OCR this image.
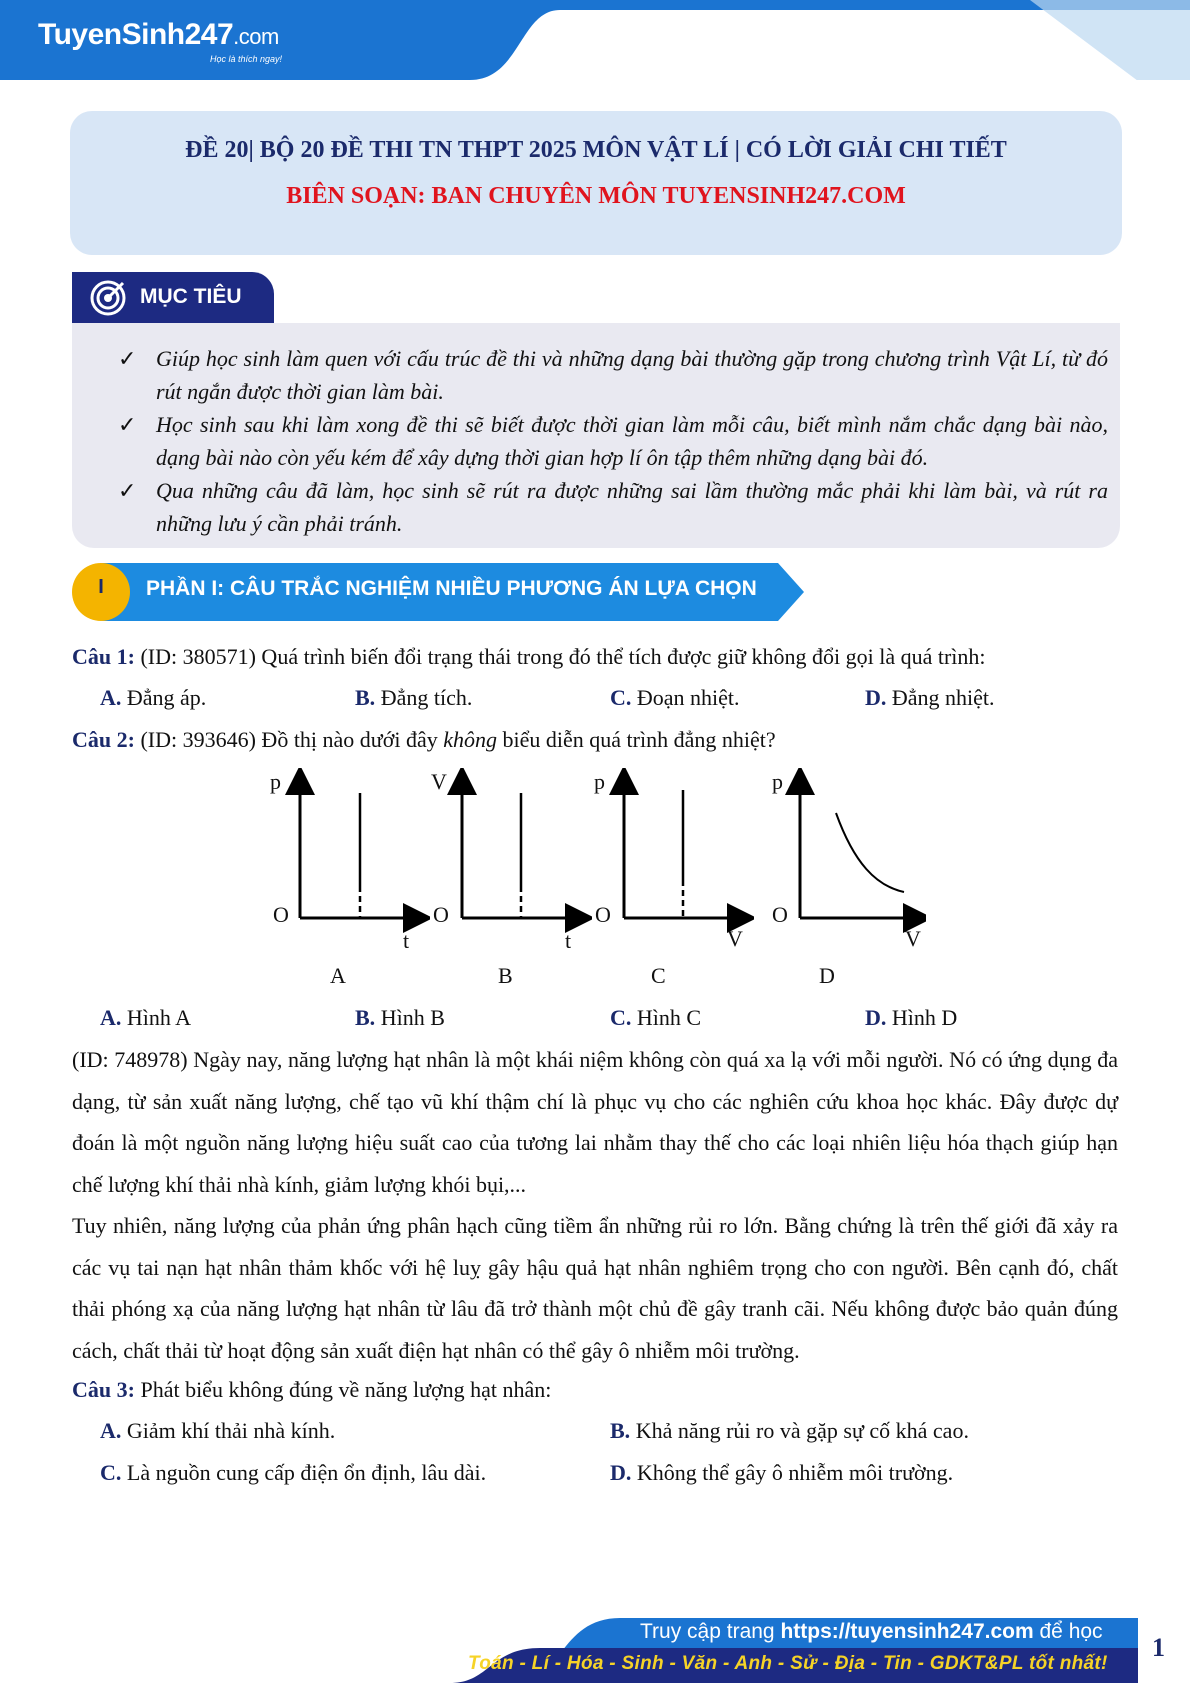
TuyenSinh247.com
Học là thích ngay!
ĐỀ 20| BỘ 20 ĐỀ THI TN THPT 2025 MÔN VẬT LÍ | CÓ LỜI GIẢI CHI TIẾT
BIÊN SOẠN: BAN CHUYÊN MÔN TUYENSINH247.COM
MỤC TIÊU
✓ Giúp học sinh làm quen với cấu trúc đề thi và những dạng bài thường gặp trong chương trình Vật Lí, từ đó rút ngắn được thời gian làm bài.
✓ Học sinh sau khi làm xong đề thi sẽ biết được thời gian làm mỗi câu, biết mình nắm chắc dạng bài nào, dạng bài nào còn yếu kém để xây dựng thời gian hợp lí ôn tập thêm những dạng bài đó.
✓ Qua những câu đã làm, học sinh sẽ rút ra được những sai lầm thường mắc phải khi làm bài, và rút ra những lưu ý cần phải tránh.
I	PHẦN I: CÂU TRẮC NGHIỆM NHIỀU PHƯƠNG ÁN LỰA CHỌN
Câu 1: (ID: 380571) Quá trình biến đổi trạng thái trong đó thể tích được giữ không đổi gọi là quá trình:
A. Đẳng áp.	B. Đẳng tích.	C. Đoạn nhiệt.	D. Đẳng nhiệt.
Câu 2: (ID: 393646) Đồ thị nào dưới đây không biểu diễn quá trình đẳng nhiệt?
p
O
t
A
V
O
t
B
p
O
V
C
p
O
V
D
A. Hình A	B. Hình B	C. Hình C	D. Hình D
(ID: 748978) Ngày nay, năng lượng hạt nhân là một khái niệm không còn quá xa lạ với mỗi người. Nó có ứng dụng đa dạng, từ sản xuất năng lượng, chế tạo vũ khí thậm chí là phục vụ cho các nghiên cứu khoa học khác. Đây được dự đoán là một nguồn năng lượng hiệu suất cao của tương lai nhằm thay thế cho các loại nhiên liệu hóa thạch giúp hạn chế lượng khí thải nhà kính, giảm lượng khói bụi,...
Tuy nhiên, năng lượng của phản ứng phân hạch cũng tiềm ẩn những rủi ro lớn. Bằng chứng là trên thế giới đã xảy ra các vụ tai nạn hạt nhân thảm khốc với hệ luỵ gây hậu quả hạt nhân nghiêm trọng cho con người. Bên cạnh đó, chất thải phóng xạ của năng lượng hạt nhân từ lâu đã trở thành một chủ đề gây tranh cãi. Nếu không được bảo quản đúng cách, chất thải từ hoạt động sản xuất điện hạt nhân có thể gây ô nhiễm môi trường.
Câu 3: Phát biểu không đúng về năng lượng hạt nhân:
A. Giảm khí thải nhà kính.	B. Khả năng rủi ro và gặp sự cố khá cao.
C. Là nguồn cung cấp điện ổn định, lâu dài.	D. Không thể gây ô nhiễm môi trường.
Truy cập trang https://tuyensinh247.com để học
Toán - Lí - Hóa - Sinh - Văn - Anh - Sử - Địa - Tin - GDKT&PL tốt nhất!
1
